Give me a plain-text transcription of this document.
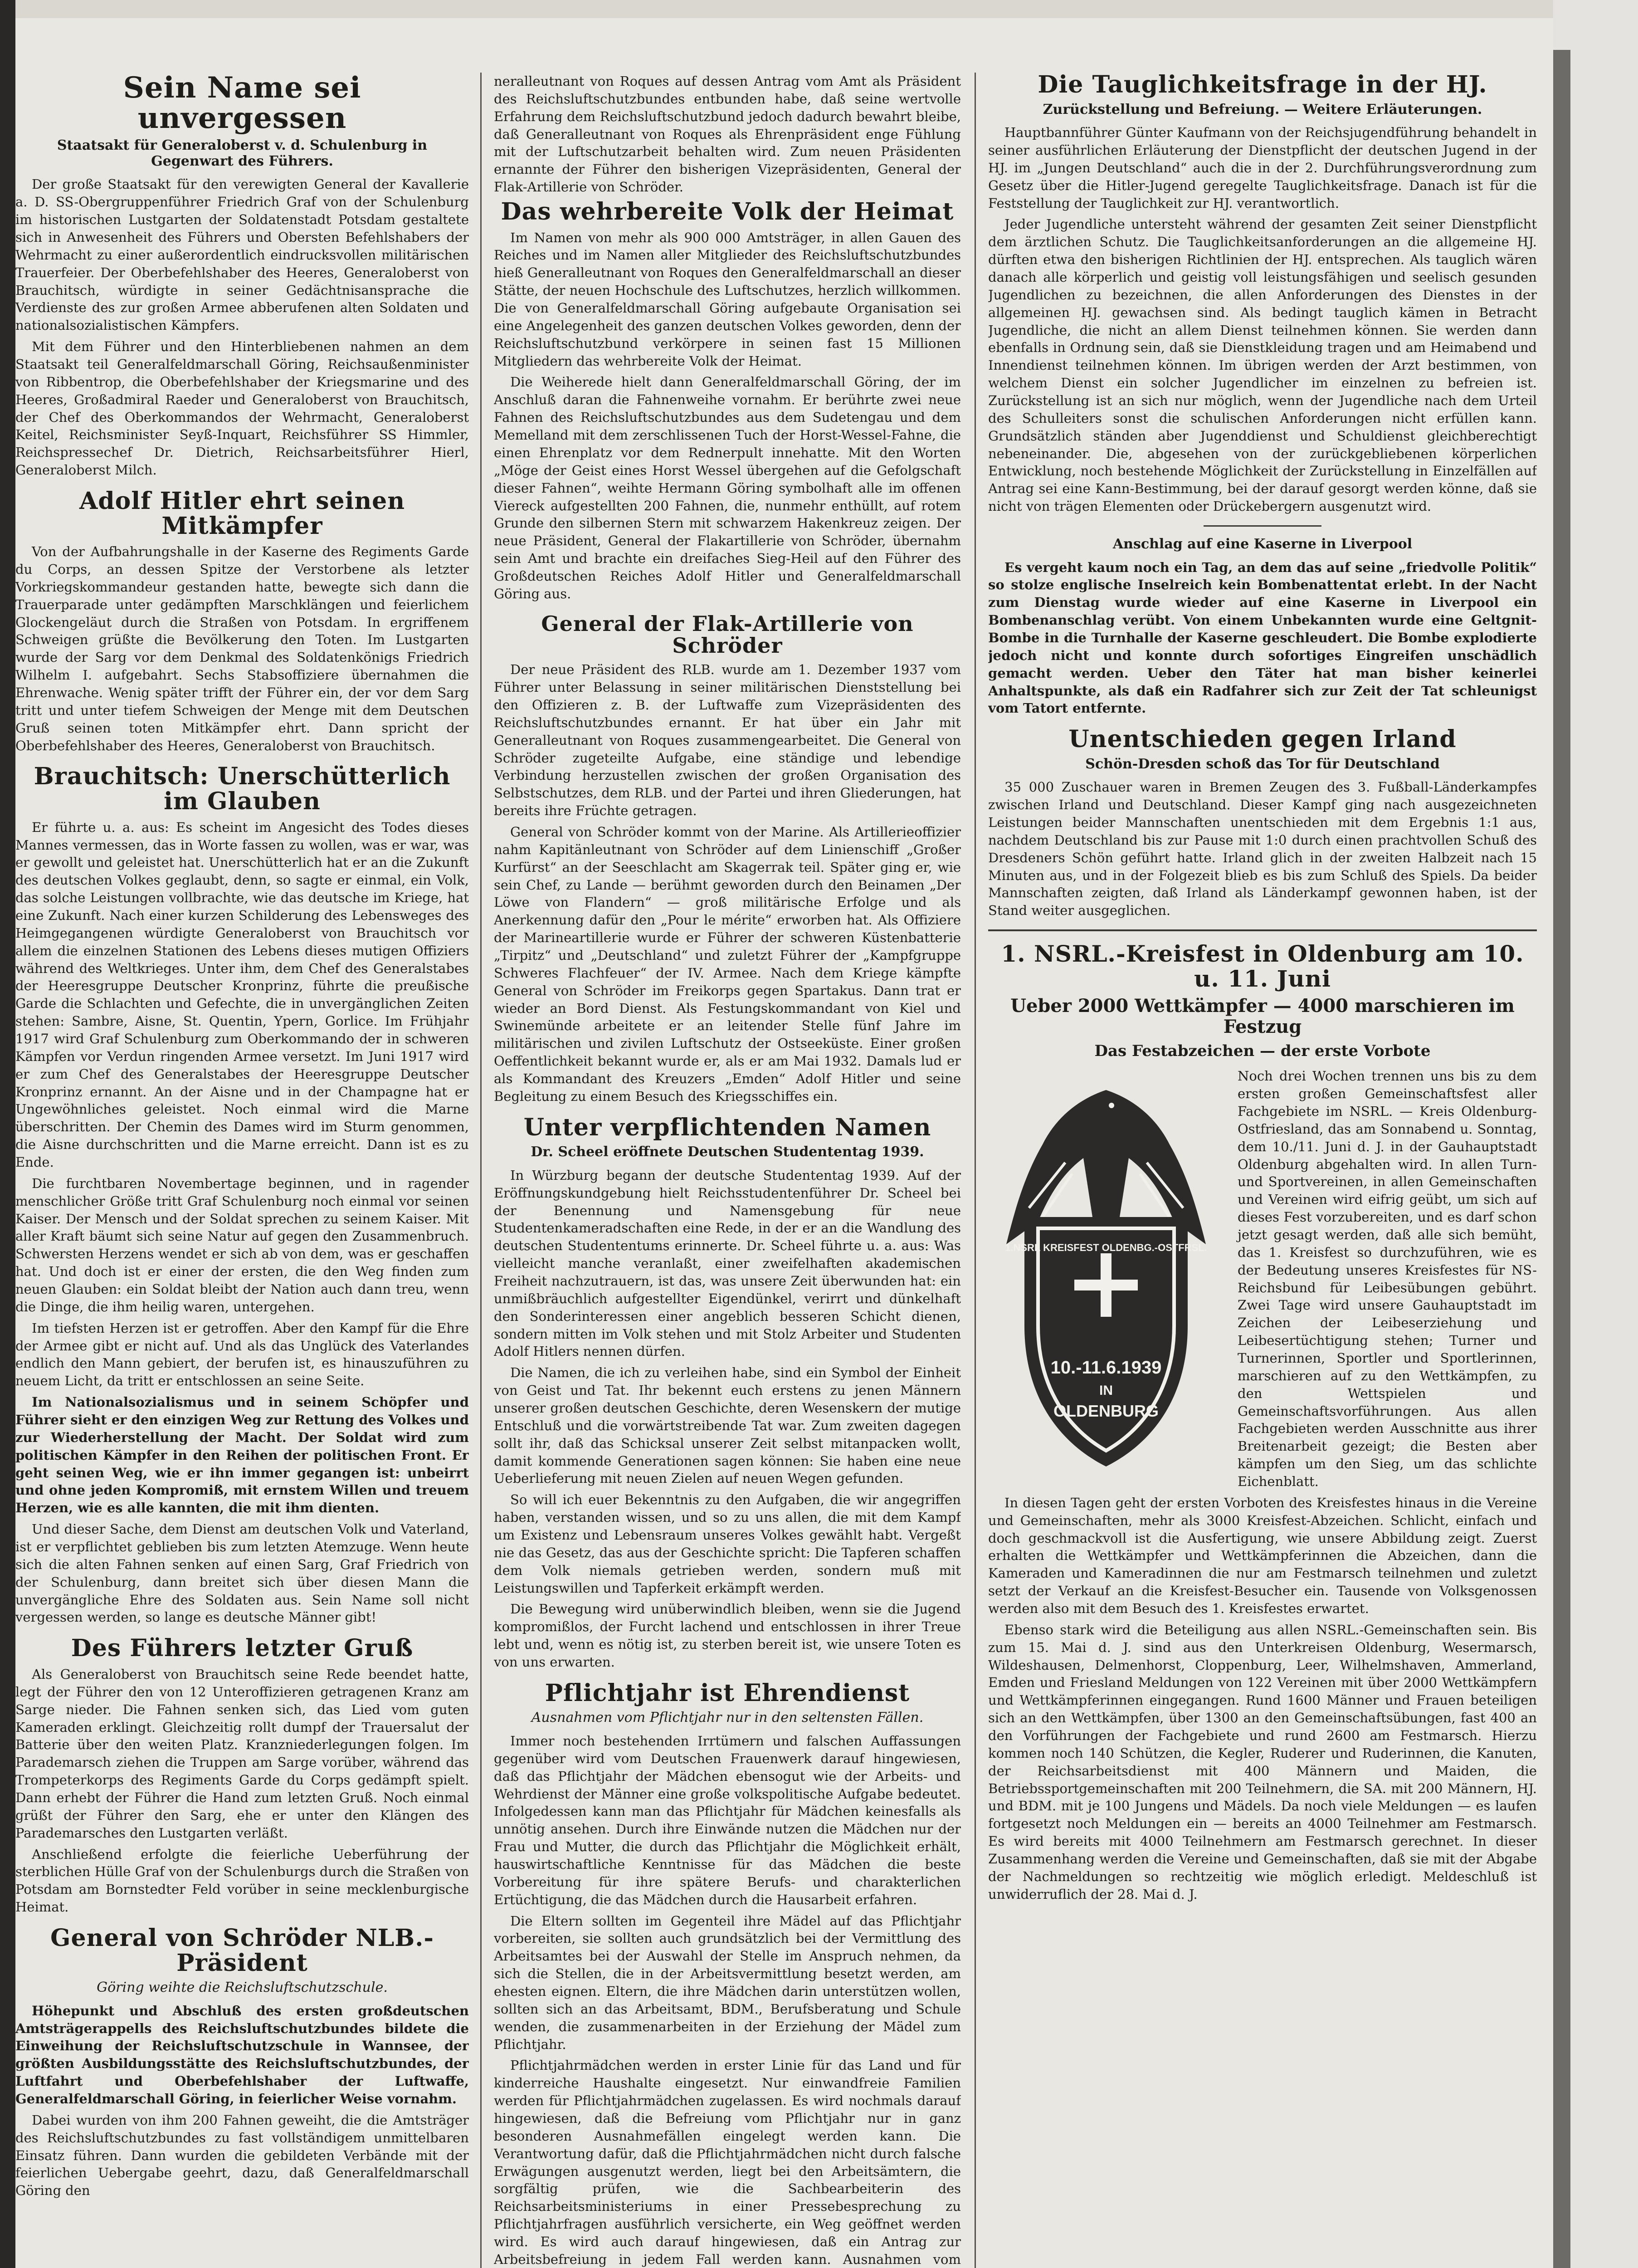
Sein Name sei unvergessen
Staatsakt für Generaloberst v. d. Schulenburg in Gegenwart des Führers.

Der große Staatsakt für den verewigten General der Kavallerie a. D. SS-Obergruppenführer Friedrich Graf von der Schulenburg im historischen Lustgarten der Soldatenstadt Potsdam gestaltete sich in Anwesenheit des Führers und Obersten Befehlshabers der Wehrmacht zu einer außerordentlich eindrucksvollen militärischen Trauerfeier. Der Oberbefehlshaber des Heeres, Generaloberst von Brauchitsch, würdigte in seiner Gedächtnisansprache die Verdienste des zur großen Armee abberufenen alten Soldaten und nationalsozialistischen Kämpfers.

Mit dem Führer und den Hinterbliebenen nahmen an dem Staatsakt teil Generalfeldmarschall Göring, Reichsaußenminister von Ribbentrop, die Oberbefehlshaber der Kriegsmarine und des Heeres, Großadmiral Raeder und Generaloberst von Brauchitsch, der Chef des Oberkommandos der Wehrmacht, Generaloberst Keitel, Reichsminister Seyß-Inquart, Reichsführer SS Himmler, Reichspressechef Dr. Dietrich, Reichsarbeitsführer Hierl, Generaloberst Milch.

Adolf Hitler ehrt seinen Mitkämpfer

Von der Aufbahrungshalle in der Kaserne des Regiments Garde du Corps, an dessen Spitze der Verstorbene als letzter Vorkriegskommandeur gestanden hatte, bewegte sich dann die Trauerparade unter gedämpften Marschklängen und feierlichem Glockengeläut durch die Straßen von Potsdam. In ergriffenem Schweigen grüßte die Bevölkerung den Toten. Im Lustgarten wurde der Sarg vor dem Denkmal des Soldatenkönigs Friedrich Wilhelm I. aufgebahrt. Sechs Stabsoffiziere übernahmen die Ehrenwache. Wenig später trifft der Führer ein, der vor dem Sarg tritt und unter tiefem Schweigen der Menge mit dem Deutschen Gruß seinen toten Mitkämpfer ehrt. Dann spricht der Oberbefehlshaber des Heeres, Generaloberst von Brauchitsch.

Brauchitsch: Unerschütterlich im Glauben

Er führte u. a. aus: Es scheint im Angesicht des Todes dieses Mannes vermessen, das in Worte fassen zu wollen, was er war, was er gewollt und geleistet hat. Unerschütterlich hat er an die Zukunft des deutschen Volkes geglaubt, denn, so sagte er einmal, ein Volk, das solche Leistungen vollbrachte, wie das deutsche im Kriege, hat eine Zukunft. Nach einer kurzen Schilderung des Lebensweges des Heimgegangenen würdigte Generaloberst von Brauchitsch vor allem die einzelnen Stationen des Lebens dieses mutigen Offiziers während des Weltkrieges. Unter ihm, dem Chef des Generalstabes der Heeresgruppe Deutscher Kronprinz, führte die preußische Garde die Schlachten und Gefechte, die in unvergänglichen Zeiten stehen: Sambre, Aisne, St. Quentin, Ypern, Gorlice. Im Frühjahr 1917 wird Graf Schulenburg zum Oberkommando der in schweren Kämpfen vor Verdun ringenden Armee versetzt. Im Juni 1917 wird er zum Chef des Generalstabes der Heeresgruppe Deutscher Kronprinz ernannt. An der Aisne und in der Champagne hat er Ungewöhnliches geleistet. Noch einmal wird die Marne überschritten. Der Chemin des Dames wird im Sturm genommen, die Aisne durchschritten und die Marne erreicht. Dann ist es zu Ende.

Die furchtbaren Novembertage beginnen, und in ragender menschlicher Größe tritt Graf Schulenburg noch einmal vor seinen Kaiser. Der Mensch und der Soldat sprechen zu seinem Kaiser. Mit aller Kraft bäumt sich seine Natur auf gegen den Zusammenbruch. Schwersten Herzens wendet er sich ab von dem, was er geschaffen hat. Und doch ist er einer der ersten, die den Weg finden zum neuen Glauben: ein Soldat bleibt der Nation auch dann treu, wenn die Dinge, die ihm heilig waren, untergehen.

Im tiefsten Herzen ist er getroffen. Aber den Kampf für die Ehre der Armee gibt er nicht auf. Und als das Unglück des Vaterlandes endlich den Mann gebiert, der berufen ist, es hinauszuführen zu neuem Licht, da tritt er entschlossen an seine Seite.

Im Nationalsozialismus und in seinem Schöpfer und Führer sieht er den einzigen Weg zur Rettung des Volkes und zur Wiederherstellung der Macht. Der Soldat wird zum politischen Kämpfer in den Reihen der politischen Front. Er geht seinen Weg, wie er ihn immer gegangen ist: unbeirrt und ohne jeden Kompromiß, mit ernstem Willen und treuem Herzen, wie es alle kannten, die mit ihm dienten.

Und dieser Sache, dem Dienst am deutschen Volk und Vaterland, ist er verpflichtet geblieben bis zum letzten Atemzuge. Wenn heute sich die alten Fahnen senken auf einen Sarg, Graf Friedrich von der Schulenburg, dann breitet sich über diesen Mann die unvergängliche Ehre des Soldaten aus. Sein Name soll nicht vergessen werden, so lange es deutsche Männer gibt!

Des Führers letzter Gruß

Als Generaloberst von Brauchitsch seine Rede beendet hatte, legt der Führer den von 12 Unteroffizieren getragenen Kranz am Sarge nieder. Die Fahnen senken sich, das Lied vom guten Kameraden erklingt. Gleichzeitig rollt dumpf der Trauersalut der Batterie über den weiten Platz. Kranzniederlegungen folgen. Im Parademarsch ziehen die Truppen am Sarge vorüber, während das Trompeterkorps des Regiments Garde du Corps gedämpft spielt. Dann erhebt der Führer die Hand zum letzten Gruß. Noch einmal grüßt der Führer den Sarg, ehe er unter den Klängen des Parademarsches den Lustgarten verläßt.

Anschließend erfolgte die feierliche Ueberführung der sterblichen Hülle Graf von der Schulenburgs durch die Straßen von Potsdam am Bornstedter Feld vorüber in seine mecklenburgische Heimat.

General von Schröder NLB.-Präsident
Göring weihte die Reichsluftschutzschule.

Höhepunkt und Abschluß des ersten großdeutschen Amtsträgerappells des Reichsluftschutzbundes bildete die Einweihung der Reichsluftschutzschule in Wannsee, der größten Ausbildungsstätte des Reichsluftschutzbundes, der Luftfahrt und Oberbefehlshaber der Luftwaffe, Generalfeldmarschall Göring, in feierlicher Weise vornahm.

Dabei wurden von ihm 200 Fahnen geweiht, die die Amtsträger des Reichsluftschutzbundes zu fast vollständigem unmittelbaren Einsatz führen. Dann wurden die gebildeten Verbände mit der feierlichen Uebergabe geehrt, dazu, daß Generalfeldmarschall Göring den

neralleutnant von Roques auf dessen Antrag vom Amt als Präsident des Reichsluftschutzbundes entbunden habe, daß seine wertvolle Erfahrung dem Reichsluftschutzbund jedoch dadurch bewahrt bleibe, daß Generalleutnant von Roques als Ehrenpräsident enge Fühlung mit der Luftschutzarbeit behalten wird. Zum neuen Präsidenten ernannte der Führer den bisherigen Vizepräsidenten, General der Flak-Artillerie von Schröder.

Das wehrbereite Volk der Heimat

Im Namen von mehr als 900 000 Amtsträger, in allen Gauen des Reiches und im Namen aller Mitglieder des Reichsluftschutzbundes hieß Generalleutnant von Roques den Generalfeldmarschall an dieser Stätte, der neuen Hochschule des Luftschutzes, herzlich willkommen. Die von Generalfeldmarschall Göring aufgebaute Organisation sei eine Angelegenheit des ganzen deutschen Volkes geworden, denn der Reichsluftschutzbund verkörpere in seinen fast 15 Millionen Mitgliedern das wehrbereite Volk der Heimat.

Die Weiherede hielt dann Generalfeldmarschall Göring, der im Anschluß daran die Fahnenweihe vornahm. Er berührte zwei neue Fahnen des Reichsluftschutzbundes aus dem Sudetengau und dem Memelland mit dem zerschlissenen Tuch der Horst-Wessel-Fahne, die einen Ehrenplatz vor dem Rednerpult innehatte. Mit den Worten „Möge der Geist eines Horst Wessel übergehen auf die Gefolgschaft dieser Fahnen“, weihte Hermann Göring symbolhaft alle im offenen Viereck aufgestellten 200 Fahnen, die, nunmehr enthüllt, auf rotem Grunde den silbernen Stern mit schwarzem Hakenkreuz zeigen. Der neue Präsident, General der Flakartillerie von Schröder, übernahm sein Amt und brachte ein dreifaches Sieg-Heil auf den Führer des Großdeutschen Reiches Adolf Hitler und Generalfeldmarschall Göring aus.

General der Flak-Artillerie von Schröder

Der neue Präsident des RLB. wurde am 1. Dezember 1937 vom Führer unter Belassung in seiner militärischen Dienststellung bei den Offizieren z. B. der Luftwaffe zum Vizepräsidenten des Reichsluftschutzbundes ernannt. Er hat über ein Jahr mit Generalleutnant von Roques zusammengearbeitet. Die General von Schröder zugeteilte Aufgabe, eine ständige und lebendige Verbindung herzustellen zwischen der großen Organisation des Selbstschutzes, dem RLB. und der Partei und ihren Gliederungen, hat bereits ihre Früchte getragen.

General von Schröder kommt von der Marine. Als Artillerieoffizier nahm Kapitänleutnant von Schröder auf dem Linienschiff „Großer Kurfürst“ an der Seeschlacht am Skagerrak teil. Später ging er, wie sein Chef, zu Lande — berühmt geworden durch den Beinamen „Der Löwe von Flandern“ — groß militärische Erfolge und als Anerkennung dafür den „Pour le mérite“ erworben hat. Als Offiziere der Marineartillerie wurde er Führer der schweren Küstenbatterie „Tirpitz“ und „Deutschland“ und zuletzt Führer der „Kampfgruppe Schweres Flachfeuer“ der IV. Armee. Nach dem Kriege kämpfte General von Schröder im Freikorps gegen Spartakus. Dann trat er wieder an Bord Dienst. Als Festungskommandant von Kiel und Swinemünde arbeitete er an leitender Stelle fünf Jahre im militärischen und zivilen Luftschutz der Ostseeküste. Einer großen Oeffentlichkeit bekannt wurde er, als er am Mai 1932. Damals lud er als Kommandant des Kreuzers „Emden“ Adolf Hitler und seine Begleitung zu einem Besuch des Kriegsschiffes ein.

Unter verpflichtenden Namen
Dr. Scheel eröffnete Deutschen Studententag 1939.

In Würzburg begann der deutsche Studententag 1939. Auf der Eröffnungskundgebung hielt Reichsstudentenführer Dr. Scheel bei der Benennung und Namensgebung für neue Studentenkameradschaften eine Rede, in der er an die Wandlung des deutschen Studententums erinnerte. Dr. Scheel führte u. a. aus: Was vielleicht manche veranlaßt, einer zweifelhaften akademischen Freiheit nachzutrauern, ist das, was unsere Zeit überwunden hat: ein unmißbräuchlich aufgestellter Eigendünkel, verirrt und dünkelhaft den Sonderinteressen einer angeblich besseren Schicht dienen, sondern mitten im Volk stehen und mit Stolz Arbeiter und Studenten Adolf Hitlers nennen dürfen.

Die Namen, die ich zu verleihen habe, sind ein Symbol der Einheit von Geist und Tat. Ihr bekennt euch erstens zu jenen Männern unserer großen deutschen Geschichte, deren Wesenskern der mutige Entschluß und die vorwärtstreibende Tat war. Zum zweiten dagegen sollt ihr, daß das Schicksal unserer Zeit selbst mitanpacken wollt, damit kommende Generationen sagen können: Sie haben eine neue Ueberlieferung mit neuen Zielen auf neuen Wegen gefunden.

So will ich euer Bekenntnis zu den Aufgaben, die wir angegriffen haben, verstanden wissen, und so zu uns allen, die mit dem Kampf um Existenz und Lebensraum unseres Volkes gewählt habt. Vergeßt nie das Gesetz, das aus der Geschichte spricht: Die Tapferen schaffen dem Volk niemals getrieben werden, sondern muß mit Leistungswillen und Tapferkeit erkämpft werden.

Die Bewegung wird unüberwindlich bleiben, wenn sie die Jugend kompromißlos, der Furcht lachend und entschlossen in ihrer Treue lebt und, wenn es nötig ist, zu sterben bereit ist, wie unsere Toten es von uns erwarten.

Pflichtjahr ist Ehrendienst
Ausnahmen vom Pflichtjahr nur in den seltensten Fällen.

Immer noch bestehenden Irrtümern und falschen Auffassungen gegenüber wird vom Deutschen Frauenwerk darauf hingewiesen, daß das Pflichtjahr der Mädchen ebensogut wie der Arbeits- und Wehrdienst der Männer eine große volkspolitische Aufgabe bedeutet. Infolgedessen kann man das Pflichtjahr für Mädchen keinesfalls als unnötig ansehen. Durch ihre Einwände nutzen die Mädchen nur der Frau und Mutter, die durch das Pflichtjahr die Möglichkeit erhält, hauswirtschaftliche Kenntnisse für das Mädchen die beste Vorbereitung für ihre spätere Berufs- und charakterlichen Ertüchtigung, die das Mädchen durch die Hausarbeit erfahren.

Die Eltern sollten im Gegenteil ihre Mädel auf das Pflichtjahr vorbereiten, sie sollten auch grundsätzlich bei der Vermittlung des Arbeitsamtes bei der Auswahl der Stelle im Anspruch nehmen, da sich die Stellen, die in der Arbeitsvermittlung besetzt werden, am ehesten eignen. Eltern, die ihre Mädchen darin unterstützen wollen, sollten sich an das Arbeitsamt, BDM., Berufsberatung und Schule wenden, die zusammenarbeiten in der Erziehung der Mädel zum Pflichtjahr.

Pflichtjahrmädchen werden in erster Linie für das Land und für kinderreiche Haushalte eingesetzt. Nur einwandfreie Familien werden für Pflichtjahrmädchen zugelassen. Es wird nochmals darauf hingewiesen, daß die Befreiung vom Pflichtjahr nur in ganz besonderen Ausnahmefällen eingelegt werden kann. Die Verantwortung dafür, daß die Pflichtjahrmädchen nicht durch falsche Erwägungen ausgenutzt werden, liegt bei den Arbeitsämtern, die sorgfältig prüfen, wie die Sachbearbeiterin des Reichsarbeitsministeriums in einer Pressebesprechung zu Pflichtjahrfragen ausführlich versicherte, ein Weg geöffnet werden wird. Es wird auch darauf hingewiesen, daß ein Antrag zur Arbeitsbefreiung in jedem Fall werden kann. Ausnahmen vom

Die Tauglichkeitsfrage in der HJ.
Zurückstellung und Befreiung. — Weitere Erläuterungen.

Hauptbannführer Günter Kaufmann von der Reichsjugendführung behandelt in seiner ausführlichen Erläuterung der Dienstpflicht der deutschen Jugend in der HJ. im „Jungen Deutschland“ auch die in der 2. Durchführungsverordnung zum Gesetz über die Hitler-Jugend geregelte Tauglichkeitsfrage. Danach ist für die Feststellung der Tauglichkeit zur HJ. verantwortlich.

Jeder Jugendliche untersteht während der gesamten Zeit seiner Dienstpflicht dem ärztlichen Schutz. Die Tauglichkeitsanforderungen an die allgemeine HJ. dürften etwa den bisherigen Richtlinien der HJ. entsprechen. Als tauglich wären danach alle körperlich und geistig voll leistungsfähigen und seelisch gesunden Jugendlichen zu bezeichnen, die allen Anforderungen des Dienstes in der allgemeinen HJ. gewachsen sind. Als bedingt tauglich kämen in Betracht Jugendliche, die nicht an allem Dienst teilnehmen können. Sie werden dann ebenfalls in Ordnung sein, daß sie Dienstkleidung tragen und am Heimabend und Innendienst teilnehmen können. Im übrigen werden der Arzt bestimmen, von welchem Dienst ein solcher Jugendlicher im einzelnen zu befreien ist. Zurückstellung ist an sich nur möglich, wenn der Jugendliche nach dem Urteil des Schulleiters sonst die schulischen Anforderungen nicht erfüllen kann. Grundsätzlich ständen aber Jugenddienst und Schuldienst gleichberechtigt nebeneinander. Die, abgesehen von der zurückgebliebenen körperlichen Entwicklung, noch bestehende Möglichkeit der Zurückstellung in Einzelfällen auf Antrag sei eine Kann-Bestimmung, bei der darauf gesorgt werden könne, daß sie nicht von trägen Elementen oder Drückebergern ausgenutzt wird.

Anschlag auf eine Kaserne in Liverpool

Es vergeht kaum noch ein Tag, an dem das auf seine „friedvolle Politik“ so stolze englische Inselreich kein Bombenattentat erlebt. In der Nacht zum Dienstag wurde wieder auf eine Kaserne in Liverpool ein Bombenanschlag verübt. Von einem Unbekannten wurde eine Geltgnit-Bombe in die Turnhalle der Kaserne geschleudert. Die Bombe explodierte jedoch nicht und konnte durch sofortiges Eingreifen unschädlich gemacht werden. Ueber den Täter hat man bisher keinerlei Anhaltspunkte, als daß ein Radfahrer sich zur Zeit der Tat schleunigst vom Tatort entfernte.

Unentschieden gegen Irland
Schön-Dresden schoß das Tor für Deutschland

35 000 Zuschauer waren in Bremen Zeugen des 3. Fußball-Länderkampfes zwischen Irland und Deutschland. Dieser Kampf ging nach ausgezeichneten Leistungen beider Mannschaften unentschieden mit dem Ergebnis 1:1 aus, nachdem Deutschland bis zur Pause mit 1:0 durch einen prachtvollen Schuß des Dresdeners Schön geführt hatte. Irland glich in der zweiten Halbzeit nach 15 Minuten aus, und in der Folgezeit blieb es bis zum Schluß des Spiels. Da beider Mannschaften zeigten, daß Irland als Länderkampf gewonnen haben, ist der Stand weiter ausgeglichen.

1. NSRL.-Kreisfest in Oldenburg am 10. u. 11. Juni
Ueber 2000 Wettkämpfer — 4000 marschieren im Festzug
Das Festabzeichen — der erste Vorbote
10.-11.6.1939
IN
OLDENBURG
1.NSRL KREISFEST OLDENBG.-OSTFRSL.

Noch drei Wochen trennen uns bis zu dem ersten großen Gemeinschaftsfest aller Fachgebiete im NSRL. — Kreis Oldenburg-Ostfriesland, das am Sonnabend u. Sonntag, dem 10./11. Juni d. J. in der Gauhauptstadt Oldenburg abgehalten wird. In allen Turn- und Sportvereinen, in allen Gemeinschaften und Vereinen wird eifrig geübt, um sich auf dieses Fest vorzubereiten, und es darf schon jetzt gesagt werden, daß alle sich bemüht, das 1. Kreisfest so durchzuführen, wie es der Bedeutung unseres Kreisfestes für NS-Reichsbund für Leibesübungen gebührt. Zwei Tage wird unsere Gauhauptstadt im Zeichen der Leibeserziehung und Leibesertüchtigung stehen; Turner und Turnerinnen, Sportler und Sportlerinnen, marschieren auf zu den Wettkämpfen, zu den Wettspielen und Gemeinschaftsvorführungen. Aus allen Fachgebieten werden Ausschnitte aus ihrer Breitenarbeit gezeigt; die Besten aber kämpfen um den Sieg, um das schlichte Eichenblatt.

In diesen Tagen geht der ersten Vorboten des Kreisfestes hinaus in die Vereine und Gemeinschaften, mehr als 3000 Kreisfest-Abzeichen. Schlicht, einfach und doch geschmackvoll ist die Ausfertigung, wie unsere Abbildung zeigt. Zuerst erhalten die Wettkämpfer und Wettkämpferinnen die Abzeichen, dann die Kameraden und Kameradinnen die nur am Festmarsch teilnehmen und zuletzt setzt der Verkauf an die Kreisfest-Besucher ein. Tausende von Volksgenossen werden also mit dem Besuch des 1. Kreisfestes erwartet.

Ebenso stark wird die Beteiligung aus allen NSRL.-Gemeinschaften sein. Bis zum 15. Mai d. J. sind aus den Unterkreisen Oldenburg, Wesermarsch, Wildeshausen, Delmenhorst, Cloppenburg, Leer, Wilhelmshaven, Ammerland, Emden und Friesland Meldungen von 122 Vereinen mit über 2000 Wettkämpfern und Wettkämpferinnen eingegangen. Rund 1600 Männer und Frauen beteiligen sich an den Wettkämpfen, über 1300 an den Gemeinschaftsübungen, fast 400 an den Vorführungen der Fachgebiete und rund 2600 am Festmarsch. Hierzu kommen noch 140 Schützen, die Kegler, Ruderer und Ruderinnen, die Kanuten, der Reichsarbeitsdienst mit 400 Männern und Maiden, die Betriebssportgemeinschaften mit 200 Teilnehmern, die SA. mit 200 Männern, HJ. und BDM. mit je 100 Jungens und Mädels. Da noch viele Meldungen — es laufen fortgesetzt noch Meldungen ein — bereits an 4000 Teilnehmer am Festmarsch. Es wird bereits mit 4000 Teilnehmern am Festmarsch gerechnet. In dieser Zusammenhang werden die Vereine und Gemeinschaften, daß sie mit der Abgabe der Nachmeldungen so rechtzeitig wie möglich erledigt. Meldeschluß ist unwiderruflich der 28. Mai d. J.
